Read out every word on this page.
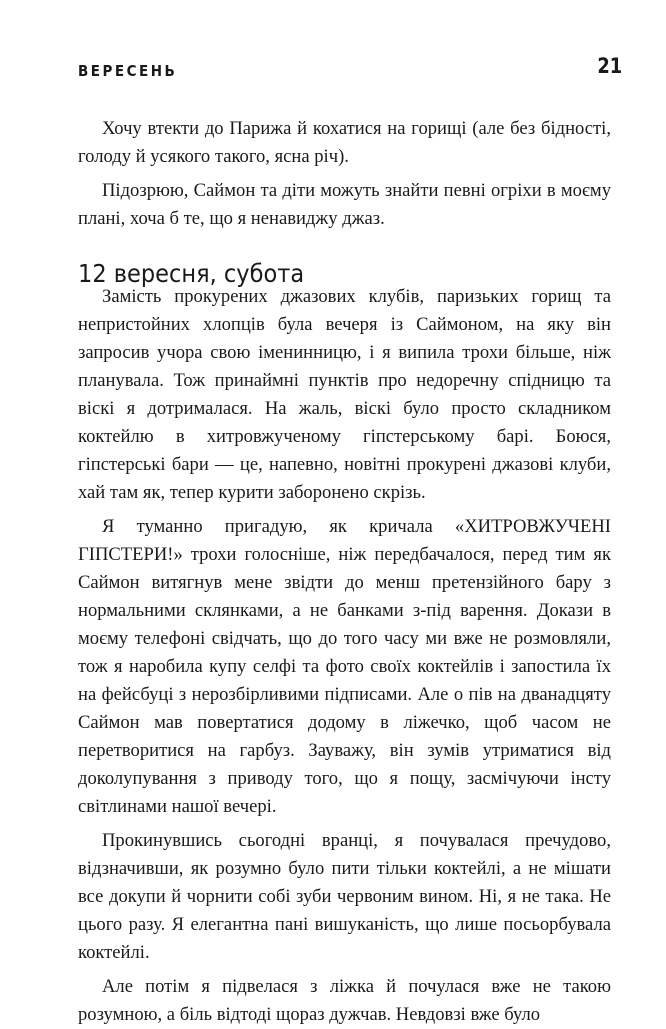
ВЕРЕСЕНЬ	21

Хочу втекти до Парижа й кохатися на горищі (але без бідності, голоду й усякого такого, ясна річ).

Підозрюю, Саймон та діти можуть знайти певні огріхи в моєму плані, хоча б те, що я ненавиджу джаз.

12 вересня, субота

Замість прокурених джазових клубів, паризьких горищ та непристойних хлопців була вечеря із Саймоном, на яку він запросив учора свою іменинницю, і я випила трохи більше, ніж планувала. Тож принаймні пунктів про недоречну спідницю та віскі я дотрималася. На жаль, віскі було просто складником коктейлю в хитровжученому гіпстерському барі. Боюся, гіпстерські бари — це, напевно, новітні прокурені джазові клуби, хай там як, тепер курити заборонено скрізь.

Я туманно пригадую, як кричала «ХИТРОВЖУЧЕНІ ГІПСТЕРИ!» трохи голосніше, ніж передбачалося, перед тим як Саймон витягнув мене звідти до менш претензійного бару з нормальними склянками, а не банками з-під варення. Докази в моєму телефоні свідчать, що до того часу ми вже не розмовляли, тож я наробила купу селфі та фото своїх коктейлів і запостила їх на фейсбуці з нерозбірливими підписами. Але о пів на дванадцяту Саймон мав повертатися додому в ліжечко, щоб часом не перетворитися на гарбуз. Зауважу, він зумів утриматися від доколупування з приводу того, що я пощу, засмічуючи інсту світлинами нашої вечері.

Прокинувшись сьогодні вранці, я почувалася пречудово, відзначивши, як розумно було пити тільки коктейлі, а не мішати все докупи й чорнити собі зуби червоним вином. Ні, я не така. Не цього разу. Я елегантна пані вишуканість, що лише посьорбувала коктейлі.

Але потім я підвелася з ліжка й почулася вже не такою розумною, а біль відтоді щораз дужчав. Невдовзі вже було
